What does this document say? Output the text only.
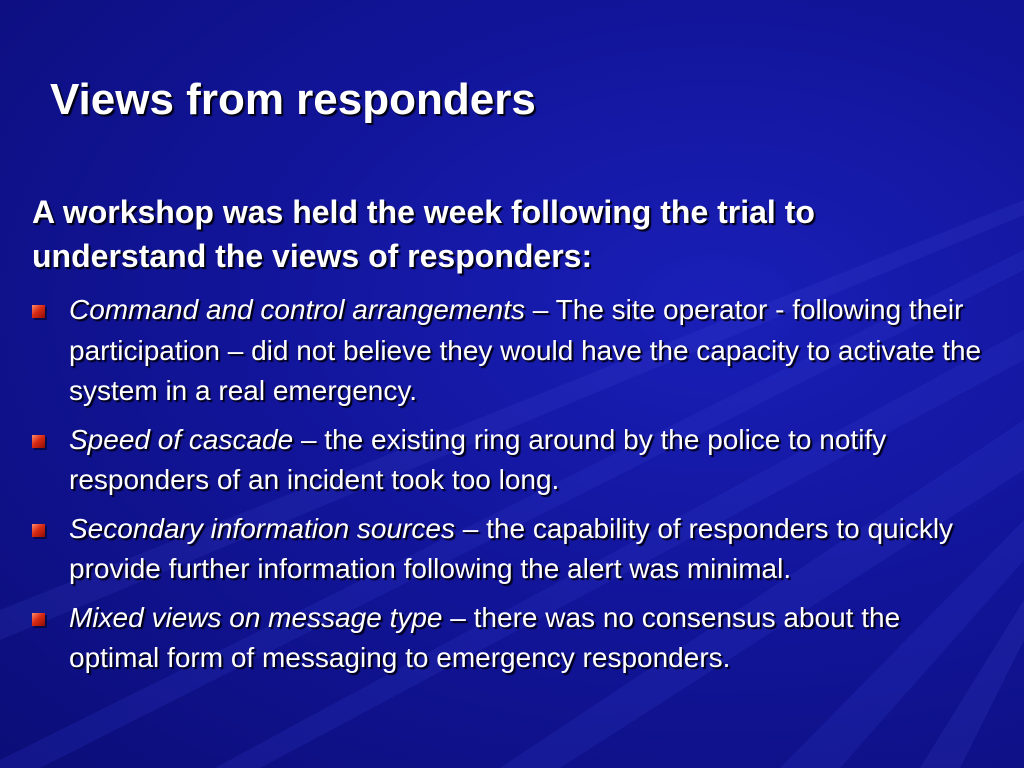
Views from responders

A workshop was held the week following the trial to understand the views of responders:

Command and control arrangements – The site operator - following their participation – did not believe they would have the capacity to activate the system in a real emergency.
Speed of cascade – the existing ring around by the police to notify responders of an incident took too long.
Secondary information sources – the capability of responders to quickly provide further information following the alert was minimal.
Mixed views on message type – there was no consensus about the optimal form of messaging to emergency responders.
